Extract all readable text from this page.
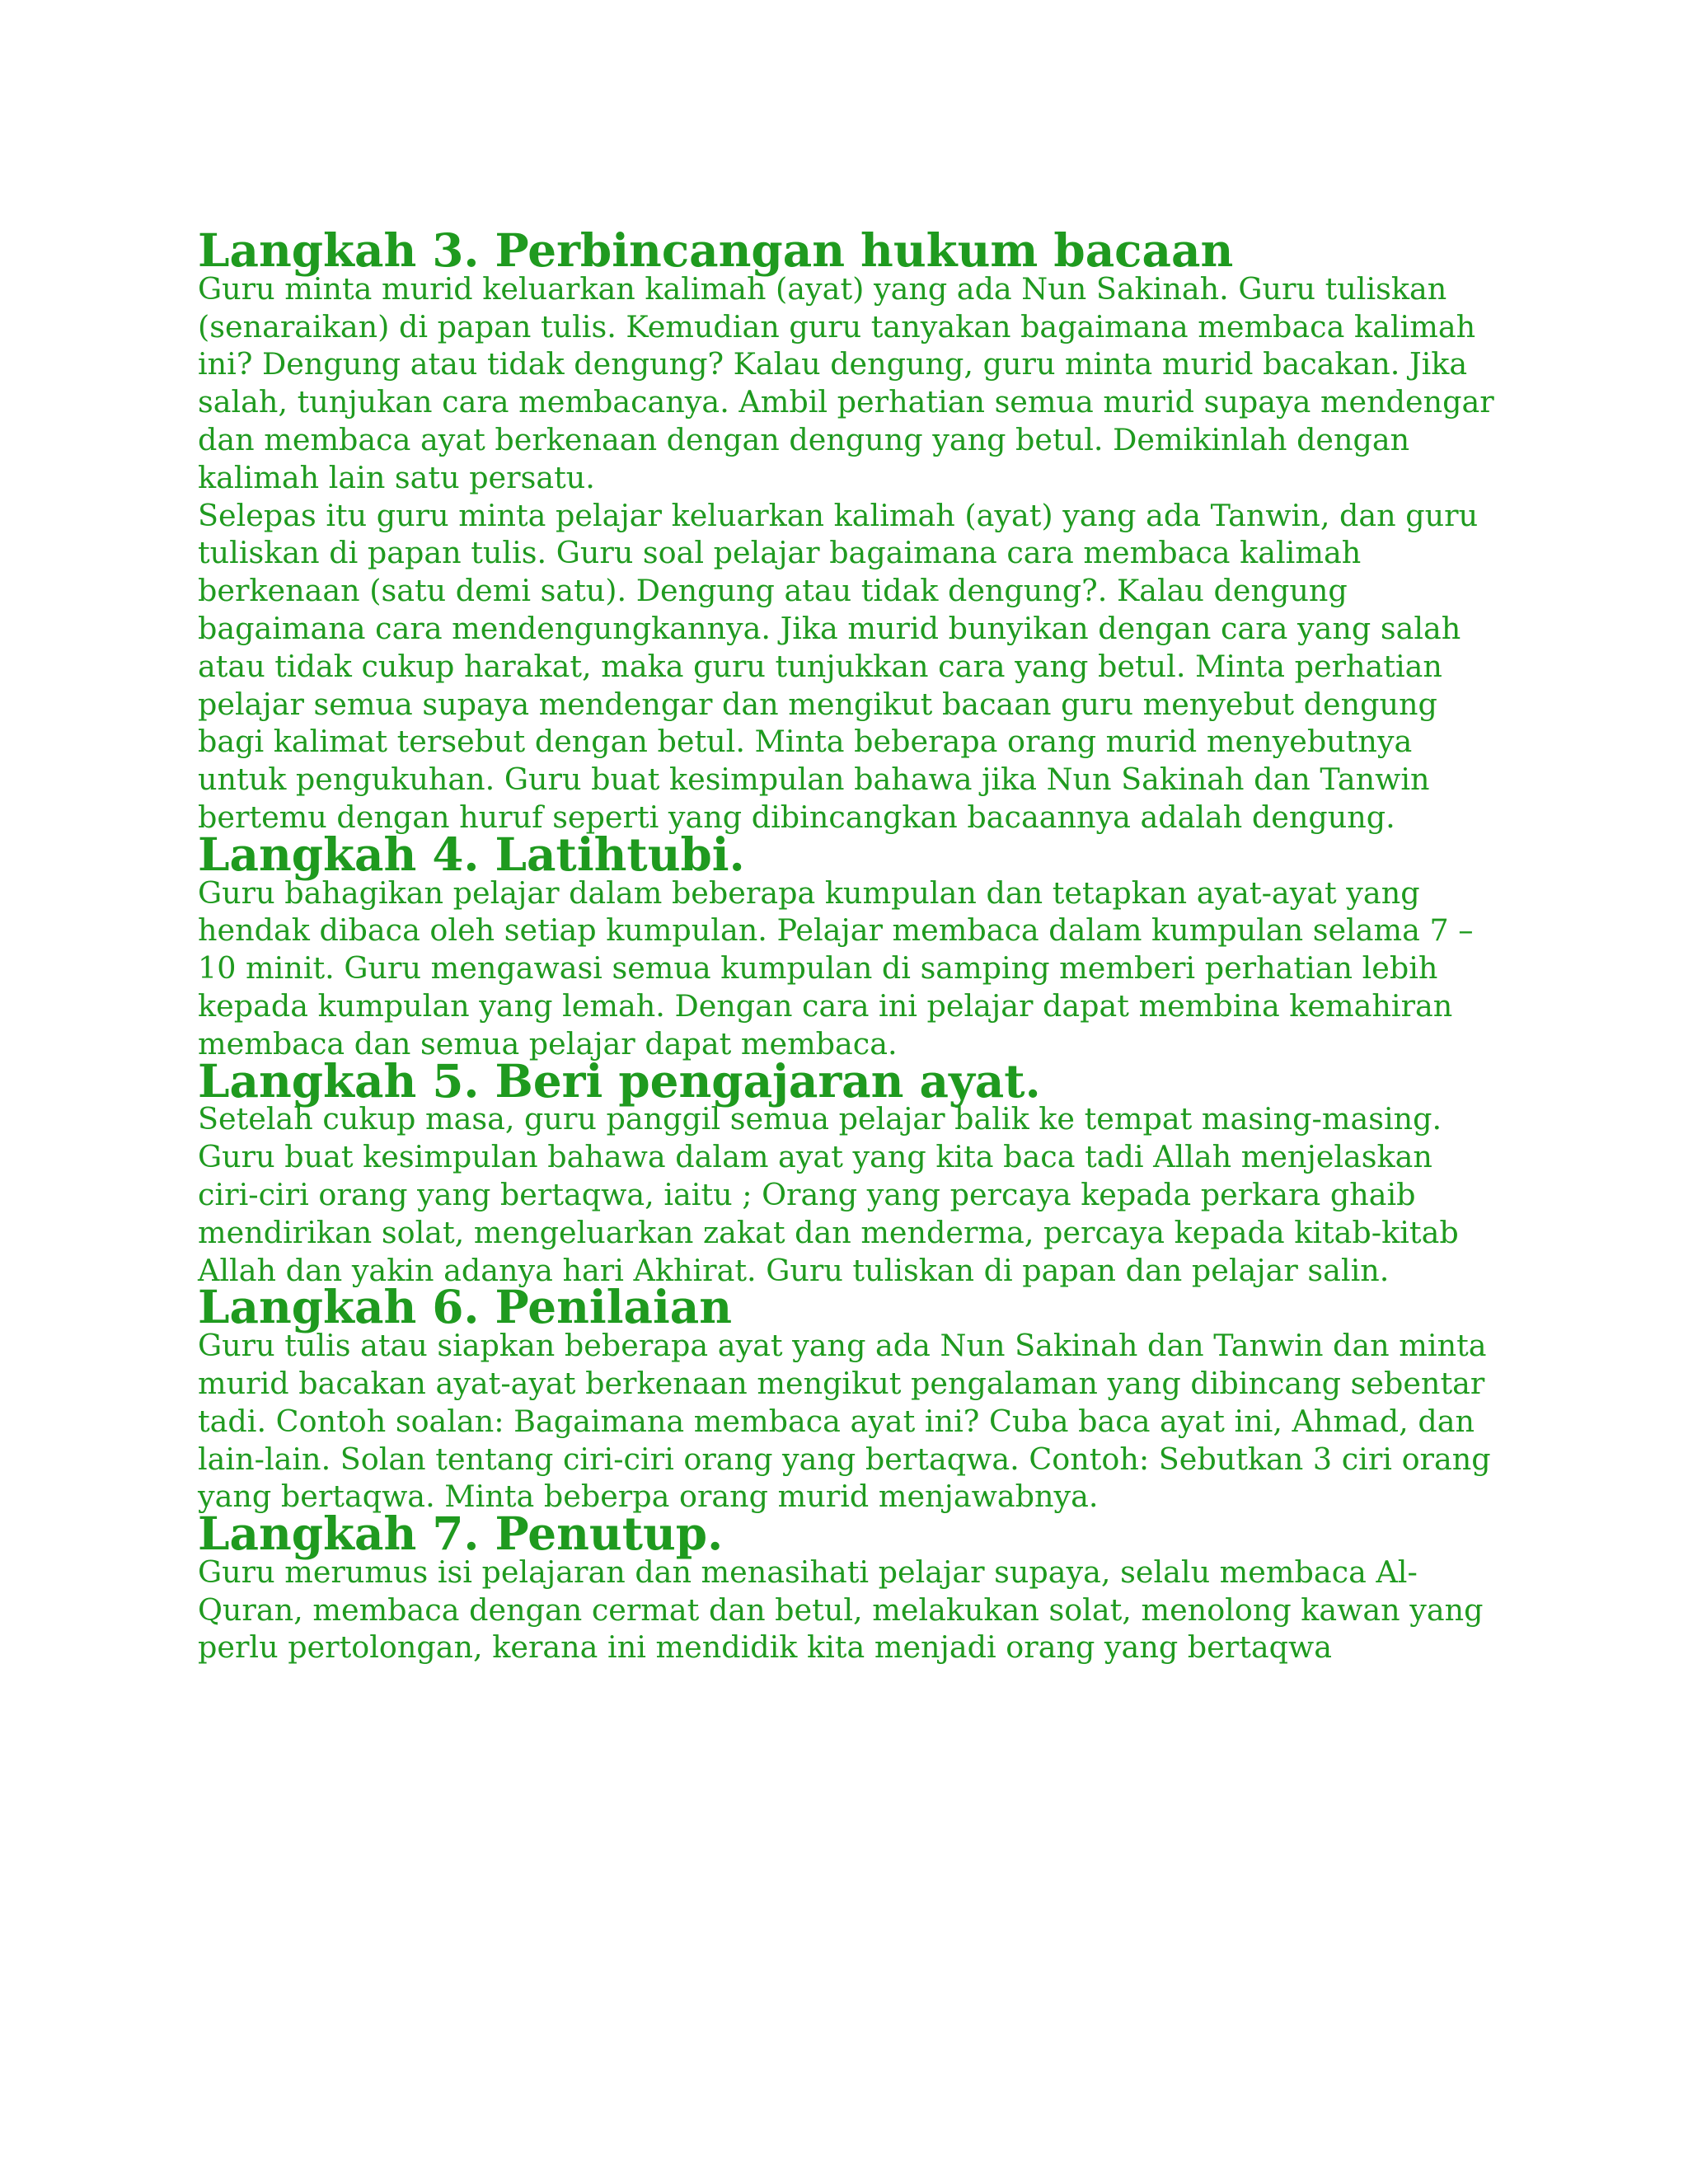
Langkah 3. Perbincangan hukum bacaan

Guru minta murid keluarkan kalimah (ayat) yang ada Nun Sakinah. Guru tuliskan (senaraikan) di papan tulis. Kemudian guru tanyakan bagaimana membaca kalimah ini? Dengung atau tidak dengung? Kalau dengung, guru minta murid bacakan. Jika salah, tunjukan cara membacanya. Ambil perhatian semua murid supaya mendengar dan membaca ayat berkenaan dengan dengung yang betul. Demikinlah dengan kalimah lain satu persatu.

Selepas itu guru minta pelajar keluarkan kalimah (ayat) yang ada Tanwin, dan guru tuliskan di papan tulis. Guru soal pelajar bagaimana cara membaca kalimah berkenaan (satu demi satu). Dengung atau tidak dengung?. Kalau dengung bagaimana cara mendengungkannya. Jika murid bunyikan dengan cara yang salah atau tidak cukup harakat, maka guru tunjukkan cara yang betul. Minta perhatian pelajar semua supaya mendengar dan mengikut bacaan guru menyebut dengung bagi kalimat tersebut dengan betul. Minta beberapa orang murid menyebutnya untuk pengukuhan. Guru buat kesimpulan bahawa jika Nun Sakinah dan Tanwin bertemu dengan huruf seperti yang dibincangkan bacaannya adalah dengung.

Langkah 4. Latihtubi.

Guru bahagikan pelajar dalam beberapa kumpulan dan tetapkan ayat-ayat yang hendak dibaca oleh setiap kumpulan. Pelajar membaca dalam kumpulan selama 7 –10 minit. Guru mengawasi semua kumpulan di samping memberi perhatian lebih kepada kumpulan yang lemah. Dengan cara ini pelajar dapat membina kemahiran membaca dan semua pelajar dapat membaca.

Langkah 5. Beri pengajaran ayat.

Setelah cukup masa, guru panggil semua pelajar balik ke tempat masing-masing. Guru buat kesimpulan bahawa dalam ayat yang kita baca tadi Allah menjelaskan ciri-ciri orang yang bertaqwa, iaitu ; Orang yang percaya kepada perkara ghaib mendirikan solat, mengeluarkan zakat dan menderma, percaya kepada kitab-kitab Allah dan yakin adanya hari Akhirat. Guru tuliskan di papan dan pelajar salin.

Langkah 6. Penilaian

Guru tulis atau siapkan beberapa ayat yang ada Nun Sakinah dan Tanwin dan minta murid bacakan ayat-ayat berkenaan mengikut pengalaman yang dibincang sebentar tadi. Contoh soalan: Bagaimana membaca ayat ini? Cuba baca ayat ini, Ahmad, dan lain-lain. Solan tentang ciri-ciri orang yang bertaqwa. Contoh: Sebutkan 3 ciri orang yang bertaqwa. Minta beberpa orang murid menjawabnya.

Langkah 7. Penutup.

Guru merumus isi pelajaran dan menasihati pelajar supaya, selalu membaca Al-Quran, membaca dengan cermat dan betul, melakukan solat, menolong kawan yang perlu pertolongan, kerana ini mendidik kita menjadi orang yang bertaqwa
